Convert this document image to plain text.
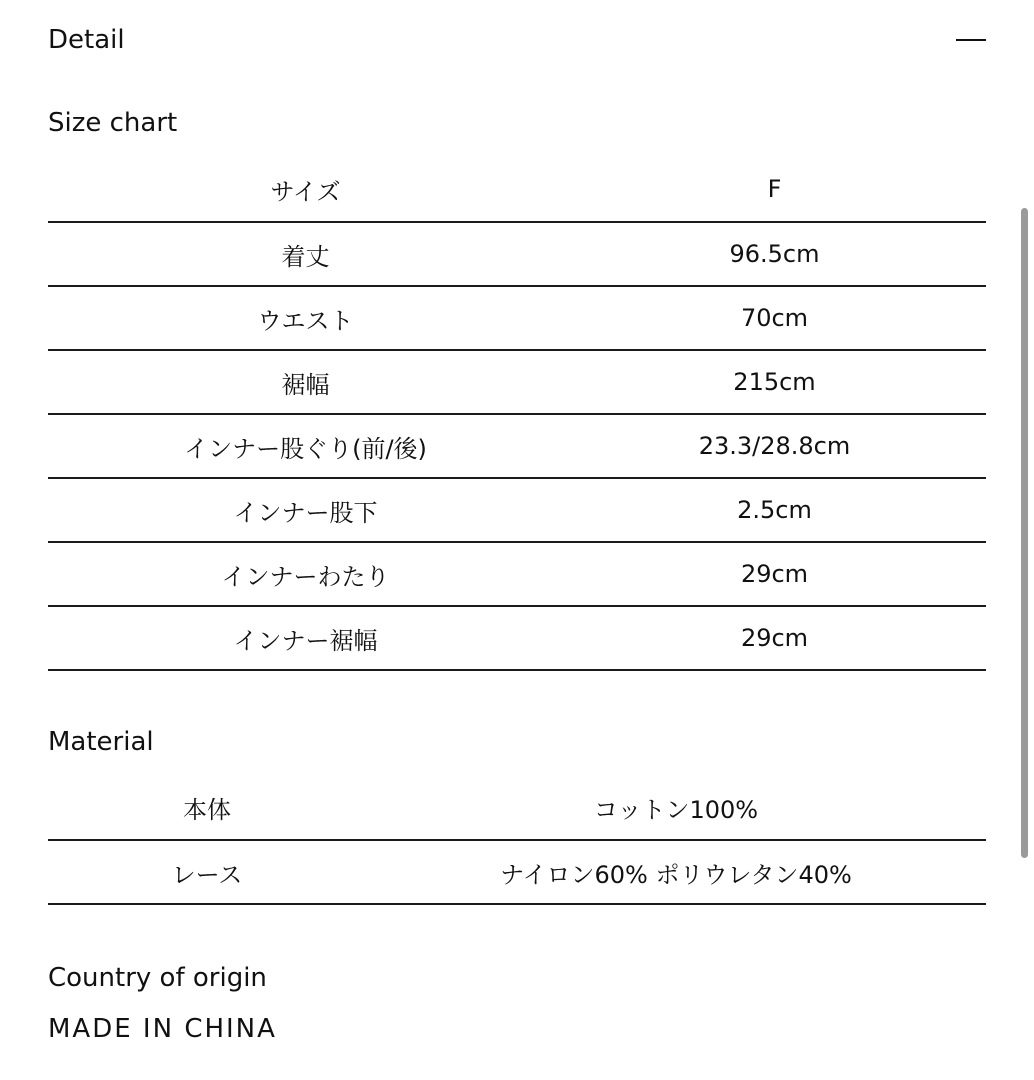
Detail
Size chart
サイズ	F
着丈	96.5cm
ウエスト	70cm
裾幅	215cm
インナー股ぐり(前/後)	23.3/28.8cm
インナー股下	2.5cm
インナーわたり	29cm
インナー裾幅	29cm
Material
本体	コットン100%
レース	ナイロン60% ポリウレタン40%
Country of origin
MADE IN CHINA
